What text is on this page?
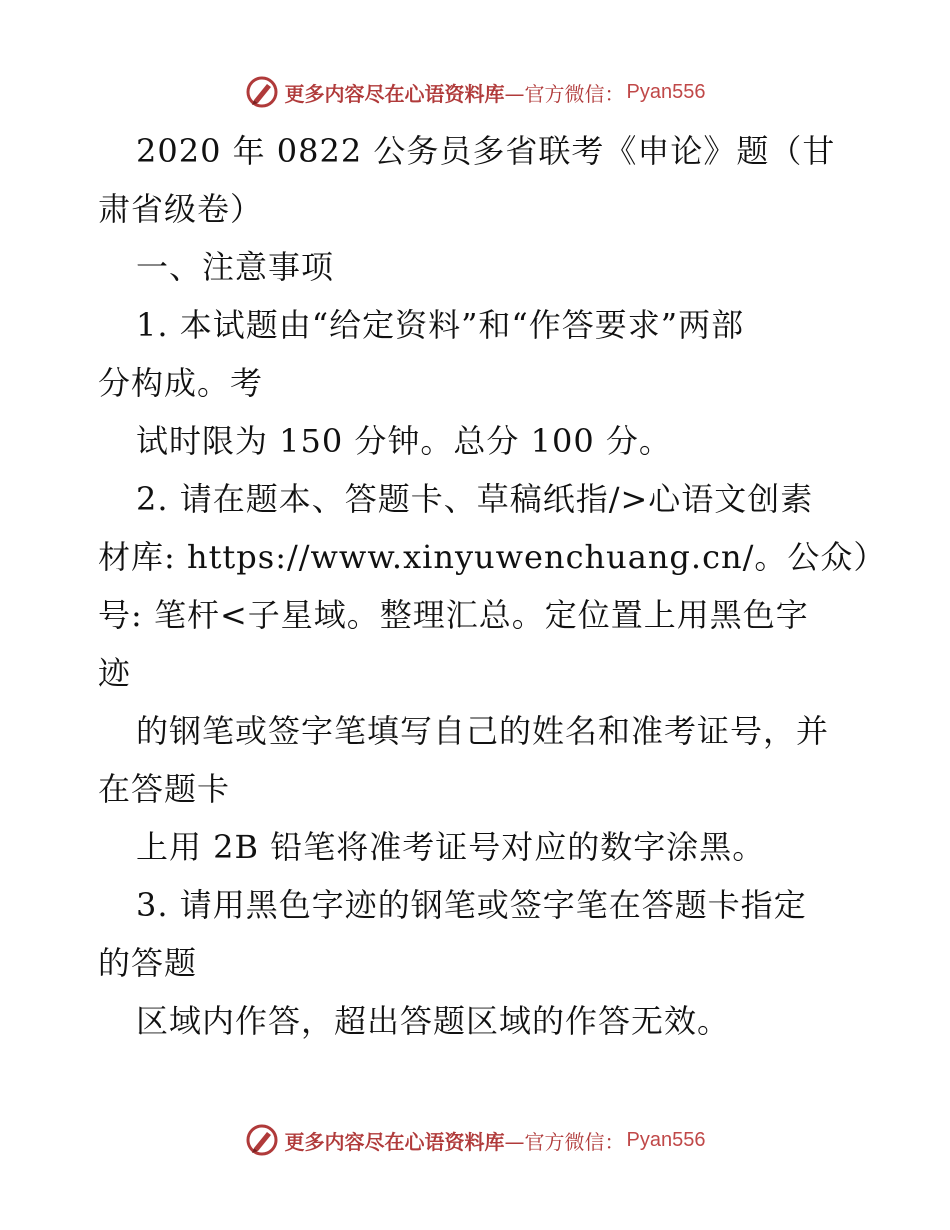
更多内容尽在心语资料库 —官方微信： Pyan556
2020 年 0822 公务员多省联考《申论》题（甘
肃省级卷）
一、注意事项
1. 本试题由“给定资料”和“作答要求”两部
分构成。考
试时限为 150 分钟。总分 100 分。
2. 请在题本、答题卡、草稿纸指/>心语文创素
材库: https://www.xinyuwenchuang.cn/。公众）
号: 笔杆<子星域。整理汇总。定位置上用黑色字
迹
的钢笔或签字笔填写自己的姓名和准考证号，并
在答题卡
上用 2B 铅笔将准考证号对应的数字涂黑。
3. 请用黑色字迹的钢笔或签字笔在答题卡指定
的答题
区域内作答，超出答题区域的作答无效。
更多内容尽在心语资料库 —官方微信： Pyan556
